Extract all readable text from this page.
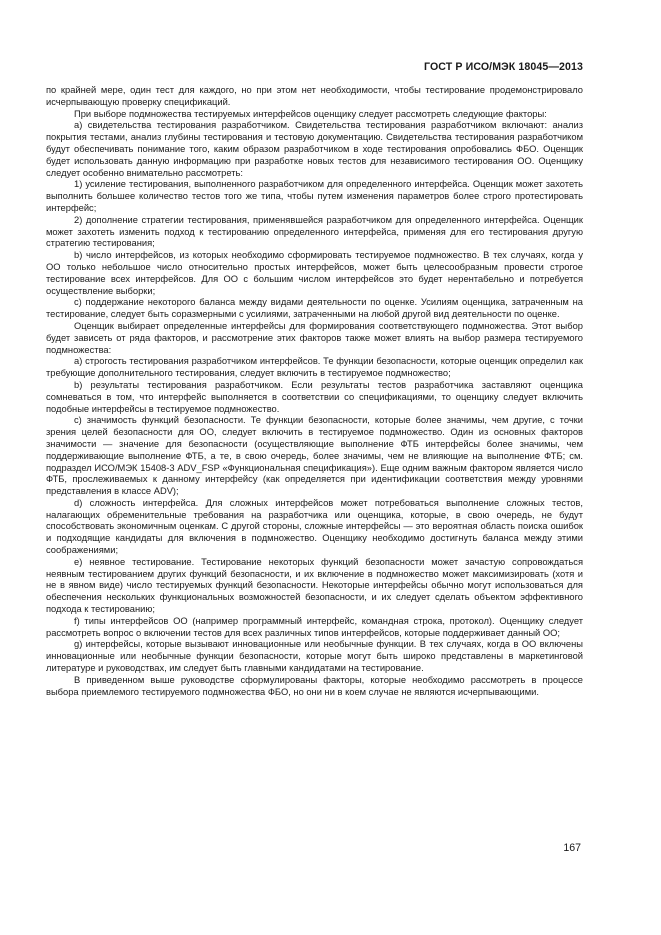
ГОСТ Р ИСО/МЭК 18045—2013

по крайней мере, один тест для каждого, но при этом нет необходимости, чтобы тестирование продемонстрировало исчерпывающую проверку спецификаций.

При выборе подмножества тестируемых интерфейсов оценщику следует рассмотреть следующие факторы:

a) свидетельства тестирования разработчиком. Свидетельства тестирования разработчиком включают: анализ покрытия тестами, анализ глубины тестирования и тестовую документацию. Свидетельства тестирования разработчиком будут обеспечивать понимание того, каким образом разработчиком в ходе тестирования опробовались ФБО. Оценщик будет использовать данную информацию при разработке новых тестов для независимого тестирования ОО. Оценщику следует особенно внимательно рассмотреть:

1) усиление тестирования, выполненного разработчиком для определенного интерфейса. Оценщик может захотеть выполнить большее количество тестов того же типа, чтобы путем изменения параметров более строго протестировать интерфейс;

2) дополнение стратегии тестирования, применявшейся разработчиком для определенного интерфейса. Оценщик может захотеть изменить подход к тестированию определенного интерфейса, применяя для его тестирования другую стратегию тестирования;

b) число интерфейсов, из которых необходимо сформировать тестируемое подмножество. В тех случаях, когда у ОО только небольшое число относительно простых интерфейсов, может быть целесообразным провести строгое тестирование всех интерфейсов. Для ОО с большим числом интерфейсов это будет нерентабельно и потребуется осуществление выборки;

c) поддержание некоторого баланса между видами деятельности по оценке. Усилиям оценщика, затраченным на тестирование, следует быть соразмерными с усилиями, затраченными на любой другой вид деятельности по оценке.

Оценщик выбирает определенные интерфейсы для формирования соответствующего подмножества. Этот выбор будет зависеть от ряда факторов, и рассмотрение этих факторов также может влиять на выбор размера тестируемого подмножества:

a) строгость тестирования разработчиком интерфейсов. Те функции безопасности, которые оценщик определил как требующие дополнительного тестирования, следует включить в тестируемое подмножество;

b) результаты тестирования разработчиком. Если результаты тестов разработчика заставляют оценщика сомневаться в том, что интерфейс выполняется в соответствии со спецификациями, то оценщику следует включить подобные интерфейсы в тестируемое подмножество.

c) значимость функций безопасности. Те функции безопасности, которые более значимы, чем другие, с точки зрения целей безопасности для ОО, следует включить в тестируемое подмножество. Один из основных факторов значимости — значение для безопасности (осуществляющие выполнение ФТБ интерфейсы более значимы, чем поддерживающие выполнение ФТБ, а те, в свою очередь, более значимы, чем не влияющие на выполнение ФТБ; см. подраздел ИСО/МЭК 15408-3 ADV_FSP «Функциональная спецификация»). Еще одним важным фактором является число ФТБ, прослеживаемых к данному интерфейсу (как определяется при идентификации соответствия между уровнями представления в классе ADV);

d) сложность интерфейса. Для сложных интерфейсов может потребоваться выполнение сложных тестов, налагающих обременительные требования на разработчика или оценщика, которые, в свою очередь, не будут способствовать экономичным оценкам. С другой стороны, сложные интерфейсы — это вероятная область поиска ошибок и подходящие кандидаты для включения в подмножество. Оценщику необходимо достигнуть баланса между этими соображениями;

e) неявное тестирование. Тестирование некоторых функций безопасности может зачастую сопровождаться неявным тестированием других функций безопасности, и их включение в подмножество может максимизировать (хотя и не в явном виде) число тестируемых функций безопасности. Некоторые интерфейсы обычно могут использоваться для обеспечения нескольких функциональных возможностей безопасности, и их следует сделать объектом эффективного подхода к тестированию;

f) типы интерфейсов ОО (например программный интерфейс, командная строка, протокол). Оценщику следует рассмотреть вопрос о включении тестов для всех различных типов интерфейсов, которые поддерживает данный ОО;

g) интерфейсы, которые вызывают инновационные или необычные функции. В тех случаях, когда в ОО включены инновационные или необычные функции безопасности, которые могут быть широко представлены в маркетинговой литературе и руководствах, им следует быть главными кандидатами на тестирование.

В приведенном выше руководстве сформулированы факторы, которые необходимо рассмотреть в процессе выбора приемлемого тестируемого подмножества ФБО, но они ни в коем случае не являются исчерпывающими.

167
